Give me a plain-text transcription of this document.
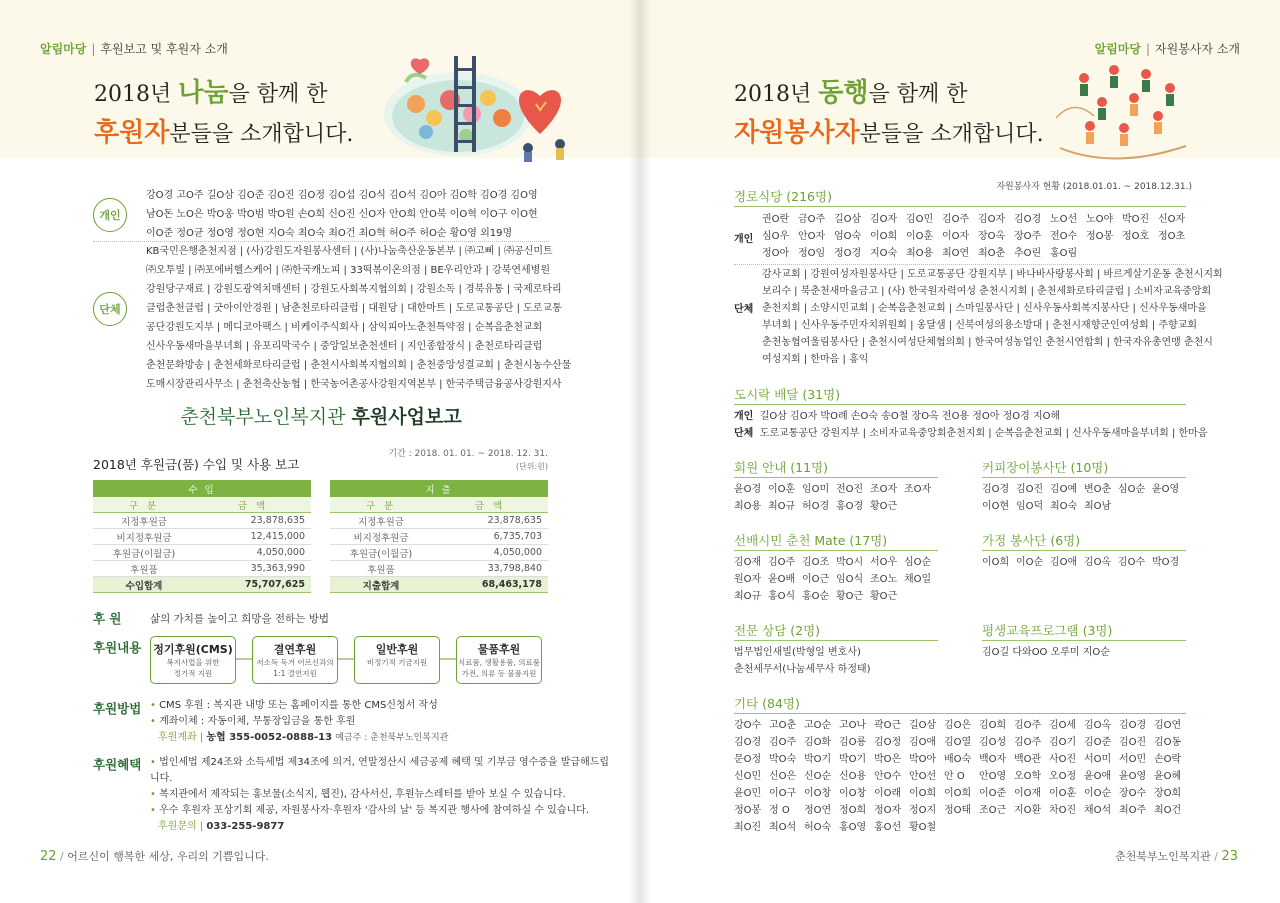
알림마당 | 후원보고 및 후원자 소개
2018년 나눔을 함께 한
후원자분들을 소개합니다.
개인
강O경 고O주 길O삼 김O준 김O진 김O정 김O섭 김O식 김O석 김O아 김O학 김O경 김O영
남O돈 노O은 박O옹 박O범 박O원 손O희 신O진 신O자 안O희 안O북 이O혁 이O구 이O현
이O준 정O균 정O영 정O현 지O숙 최O숙 최O건 최O혁 허O주 허O순 황O영 외19명
단체
KB국민은행춘천지점 | (사)강원도자원봉사센터 | (사)나눔축산운동본부 | ㈜고삐 | ㈜공신미트
㈜오투빌 | ㈜포에버헬스케어 | ㈜한국캐노피 | 33떡볶이온의점 | BE우리안과 | 강북연세병원
강원당구재료 | 강원도광역치매센터 | 강원도사회복지협의회 | 강원소독 | 경북유통 | 국제로타리
클럽춘천클럽 | 굿아이안경원 | 남춘천로타리클럽 | 대원당 | 대한마트 | 도로교통공단 | 도로교통
공단강원도지부 | 메디코아팩스 | 비케이주식회사 | 삼익피아노춘천특약점 | 순복음춘천교회
신사우동새마을부녀회 | 유포리막국수 | 중앙일보춘천센터 | 지인종합장식 | 춘천로타리클럽
춘천문화방송 | 춘천세화로타리클럽 | 춘천시사회복지협의회 | 춘천중앙성결교회 | 춘천시농수산물
도매시장관리사무소 | 춘천축산농협 | 한국농어촌공사강원지역본부 | 한국주택금융공사강원지사
춘천북부노인복지관 후원사업보고
기간 : 2018. 01. 01. ~ 2018. 12. 31.
(단위:원)
2018년 후원금(품) 수입 및 사용 보고
수 입	
구 분	금 액
지정후원금	23,878,635
비지정후원금	12,415,000
후원금(이월금)	4,050,000
후원품	35,363,990
수입합계	75,707,625
지 출	
구 분	금 액
지정후원금	23,878,635
비지정후원금	6,735,703
후원금(이월금)	4,050,000
후원품	33,798,840
지출합계	68,463,178
후 원	삶의 가치를 높이고 희망을 전하는 방법
후원내용 정기후원(CMS)
복지사업을 위한
정기적 지원
결연후원
저소득 독거 어르신과의
1:1 결연지원
일반후원
비정기적 기금지원
물품후원
식료품, 생활용품, 의료품
가전, 의류 등 물품지원
후원방법 • CMS 후원 : 복지관 내방 또는 홈페이지를 통한 CMS신청서 작성
• 계좌이체 : 자동이체, 무통장입금을 통한 후원
후원계좌 | 농협 355-0052-0888-13 예금주 : 춘천북부노인복지관
후원혜택 • 법인세법 제24조와 소득세법 제34조에 의거, 연말정산시 세금공제 혜택 및 기부금 영수증을 발급해드립니다.
• 복지관에서 제작되는 홍보물(소식지, 웹진), 감사서신, 후원뉴스레터를 받아 보실 수 있습니다.
• 우수 후원자 포상기회 제공, 자원봉사자·후원자 '감사의 날' 등 복지관 행사에 참여하실 수 있습니다.
후원문의 | 033-255-9877
22 / 어르신이 행복한 세상, 우리의 기쁨입니다.
알림마당 | 자원봉사자 소개
2018년 동행을 함께 한
자원봉사자분들을 소개합니다.
자원봉사자 현황 (2018.01.01. ~ 2018.12.31.)
경로식당 (216명)
개인
권O란 금O주 길O삼 김O자 김O민 김O주 김O자 김O경 노O선 노O야 박O진 신O자
심O우 안O자 엄O숙 이O희 이O훈 이O자 장O옥 장O주 전O수 정O봉 정O호 정O초
정O아 정O임 정O경 지O숙 최O용 최O연 최O춘 추O린 홍O림
단체
감사교회 | 강원여성자원봉사단 | 도로교통공단 강원지부 | 바나바사랑봉사회 | 바르게살기운동 춘천시지회
보리수 | 북춘천새마을금고 | (사) 한국원자력여성 춘천시지회 | 춘천세화로타리클럽 | 소비자교육중앙회
춘천지회 | 소양시민교회 | 순복음춘천교회 | 스마일봉사단 | 신사우동사회복지봉사단 | 신사우동새마을
부녀회 | 신사우동주민자치위원회 | 옹달샘 | 신북여성의용소방대 | 춘천시재향군인여성회 | 주향교회
춘천농협여울림봉사단 | 춘천시여성단체협의회 | 한국여성농업인 춘천시연합회 | 한국자유총연맹 춘천시
여성지회 | 한마음 | 홍익
도시락 배달 (31명)
개인 길O삼 김O자 박O례 손O숙 송O철 장O옥 전O용 정O아 정O경 지O해
단체 도로교통공단 강원지부 | 소비자교육중앙회춘천지회 | 순복음춘천교회 | 신사우동새마을부녀회 | 한마음
회원 안내 (11명)
윤O경 이O훈 임O미 전O진 조O자 조O자
최O용 최O규 허O경 홍O경 황O근
커피장이봉사단 (10명)
김O경 김O진 김O예 변O춘 심O순 윤O영
이O현 임O덕 최O숙 최O남
선배시민 춘천 Mate (17명)
김O재 김O주 김O조 박O시 서O우 심O순
원O자 윤O배 이O근 임O식 조O노 채O일
최O규 홍O식 홍O순 황O근 황O근
가정 봉사단 (6명)
이O희 이O순 김O애 김O옥 김O수 박O경
전문 상담 (2명)
법무법인새빌(박형일 변호사)
춘천세무서(나눔세무사 하정태)
평생교육프로그램 (3명)
김O길 다와OO 오루미 지O순
기타 (84명)
강O수 고O춘 고O순 고O나 곽O근 길O삼 김O은 김O희 김O주 김O세 김O옥 김O경 김O연
김O경 김O주 김O화 김O룡 김O정 김O애 김O열 김O성 김O주 김O기 김O준 김O진 김O동
문O정 박O숙 박O기 박O기 박O은 박O아 배O숙 백O자 백O관 사O진 서O미 서O민 손O락
신O민 신O은 신O순 신O용 안O수 안O선 안 O	안O영 오O학 오O정 윤O애 윤O영 윤O혜
윤O민 이O구 이O창 이O창 이O래 이O희 이O희 이O준 이O재 이O훈 이O순 장O수 장O희
정O봉 정 O	정O연 정O희 정O자 정O지 정O태 조O근 지O환 차O진 채O석 최O주 최O건
최O진 최O석 허O숙 홍O영 홍O선 황O철
춘천북부노인복지관 / 23
